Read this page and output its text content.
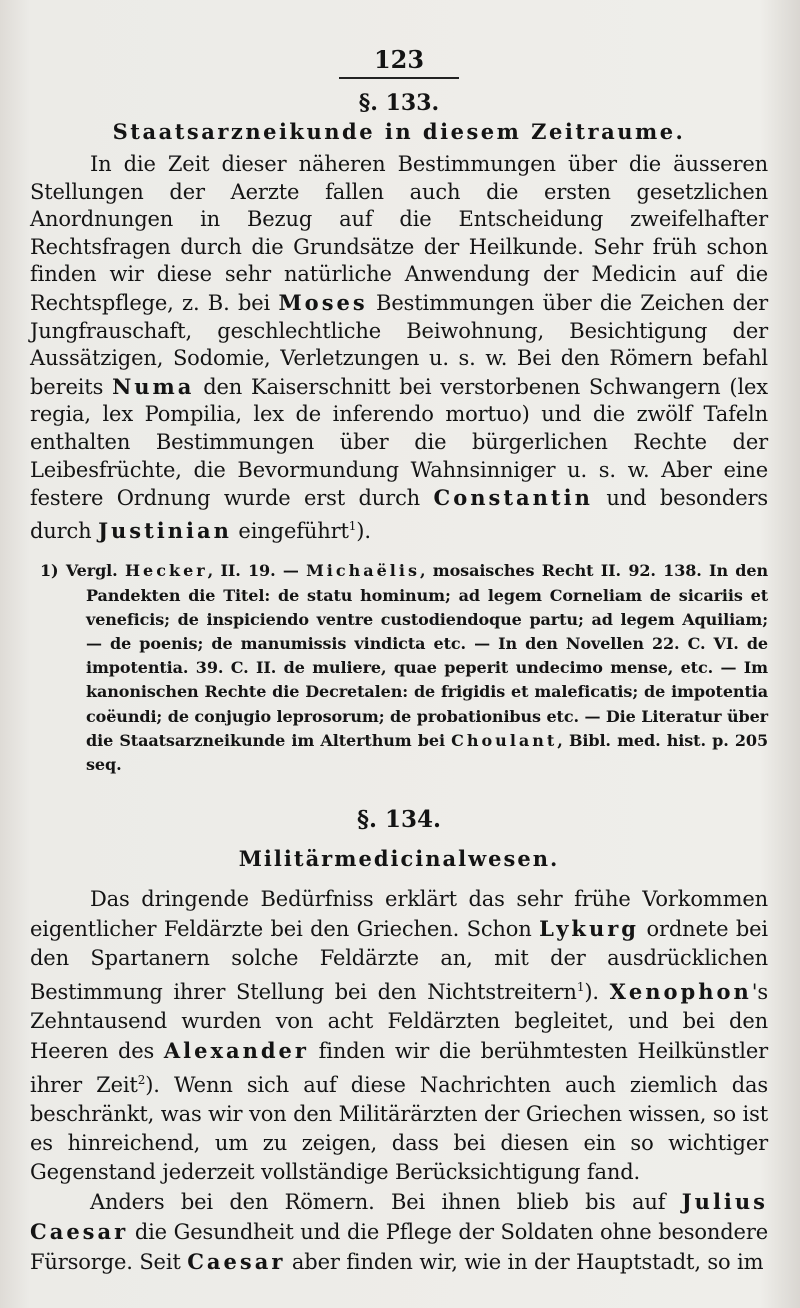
123
§. 133.
Staatsarzneikunde in diesem Zeitraume.

In die Zeit dieser näheren Bestimmungen über die äusseren Stellungen der Aerzte fallen auch die ersten gesetzlichen Anordnungen in Bezug auf die Entscheidung zweifelhafter Rechtsfragen durch die Grundsätze der Heilkunde. Sehr früh schon finden wir diese sehr natürliche Anwendung der Medicin auf die Rechtspflege, z. B. bei Moses Bestimmungen über die Zeichen der Jungfrauschaft, geschlechtliche Beiwohnung, Besichtigung der Aussätzigen, Sodomie, Verletzungen u. s. w. Bei den Römern befahl bereits Numa den Kaiserschnitt bei verstorbenen Schwangern (lex regia, lex Pompilia, lex de inferendo mortuo) und die zwölf Tafeln enthalten Bestimmungen über die bürgerlichen Rechte der Leibesfrüchte, die Bevormundung Wahnsinniger u. s. w. Aber eine festere Ordnung wurde erst durch Constantin und besonders durch Justinian eingeführt$^1$).

1) Vergl. Hecker, II. 19. — Michaëlis, mosaisches Recht II. 92. 138. In den Pandekten die Titel: de statu hominum; ad legem Corneliam de sicariis et veneficis; de inspiciendo ventre custodiendoque partu; ad legem Aquiliam; — de poenis; de manumissis vindicta etc. — In den Novellen 22. C. VI. de impotentia. 39. C. II. de muliere, quae peperit undecimo mense, etc. — Im kanonischen Rechte die Decretalen: de frigidis et maleficatis; de impotentia coëundi; de conjugio leprosorum; de probationibus etc. — Die Literatur über die Staatsarzneikunde im Alterthum bei Choulant, Bibl. med. hist. p. 205 seq.

§. 134.
Militärmedicinalwesen.

Das dringende Bedürfniss erklärt das sehr frühe Vorkommen eigentlicher Feldärzte bei den Griechen. Schon Lykurg ordnete bei den Spartanern solche Feldärzte an, mit der ausdrücklichen Bestimmung ihrer Stellung bei den Nichtstreitern$^1$). Xenophon's Zehntausend wurden von acht Feldärzten begleitet, und bei den Heeren des Alexander finden wir die berühmtesten Heilkünstler ihrer Zeit$^2$). Wenn sich auf diese Nachrichten auch ziemlich das beschränkt, was wir von den Militärärzten der Griechen wissen, so ist es hinreichend, um zu zeigen, dass bei diesen ein so wichtiger Gegenstand jederzeit vollständige Berücksichtigung fand.

Anders bei den Römern. Bei ihnen blieb bis auf Julius Caesar die Gesundheit und die Pflege der Soldaten ohne besondere Fürsorge. Seit Caesar aber finden wir, wie in der Hauptstadt, so im
